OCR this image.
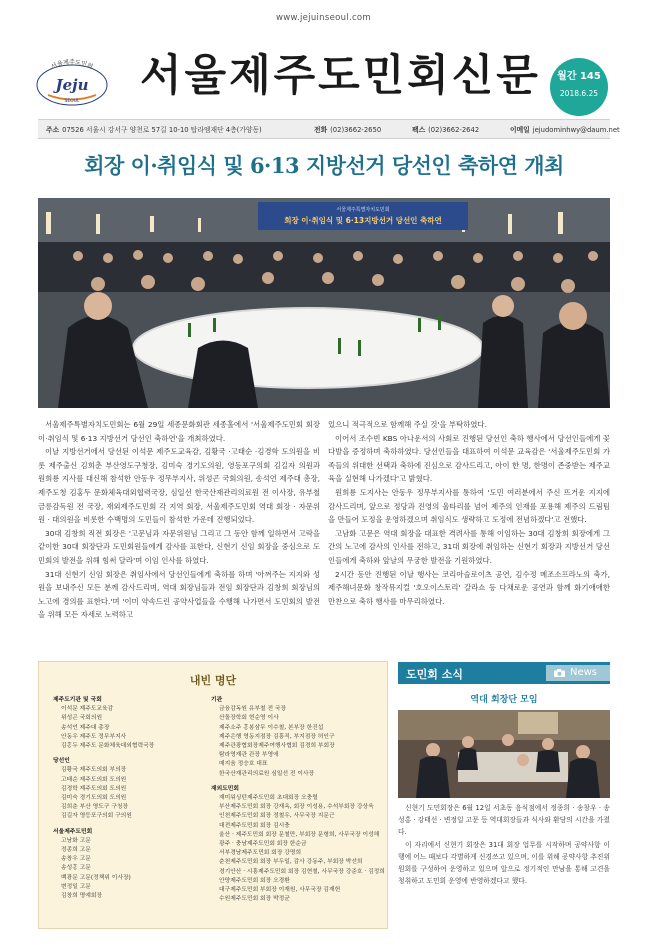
www.jejuinseoul.com
서울제주도민회
Jeju
SEOUL
서울제주도민회신문	월간 145
2018.6.25
주소 07526 서울시 강서구 양천로 57길 10-10 탑라엠재단 4층(가양동)	전화 (02)3662-2650	팩스 (02)3662-2642	이메일 jejudominhwy@daum.net
회장 이·취임식 및 6·13 지방선거 당선인 축하연 개최
서울제주특별자치도민회
회장 이·취임식 및 6·13지방선거 당선인 축하연

서울제주특별자치도민회는 6월 29일 세종문화회관 세종홀에서 '서울제주도민회 회장 이·취임식 및 6·13 지방선거 당선인 축하연'을 개최하였다.

이날 지방선거에서 당선된 이석문 제주도교육감, 김황국 ·고태순 ·김경학 도의원을 비롯 제주출신 김희춘 부산영도구청장, 김미숙 경기도의원, 영등포구의회 김길자 의원과 원희룡 지사를 대신해 참석한 안동우 정무부지사, 위성곤 국회의원, 송석언 제주대 총장, 제주도청 김홍두 문화체육대외협력국장, 심일선 한국산재관리의료원 전 이사장, 유부철 금릉감독원 전 국장, 재외제주도민회 각 지역 회장, 서울제주도민회 역대 회장 · 자문위원 · 대의원을 비롯한 수백명의 도민들이 참석한 가운데 진행되었다.

30대 김창희 직전 회장은 '고문님과 자문위원님 그리고 그 동안 함께 일하면서 고락을 같이한 30대 회장단과 도민회원들에게 감사를 표한다, 신현기 신임 회장을 중심으로 도민회의 발전을 위해 힘써 달라'며 이임 인사를 하였다.

31대 신현기 신임 회장은 취임사에서 당선인들에게 축하를 하며 '아껴주는 지지와 성원을 보내주신 모든 분께 감사드리며, 역대 회장님들과 전임 회장단과 김창희 회장님의 노고에 경의를 표한다.'며 '이미 약속드린 공약사업들을 수행해 나가면서 도민회의 발전을 위해 모든 자세로 노력하고

있으니 적극적으로 함께해 주실 것'을 부탁하였다.

이어서 조수빈 KBS 아나운서의 사회로 진행된 당선인 축하 행사에서 당선인들에게 꽃다발을 증정하며 축하하였다. 당선인들을 대표하여 이석문 교육감은 '서울제주도민회 가족들의 위대한 선택과 축하에 진심으로 감사드리고, 아이 한 명, 한명이 존중받는 제주교육을 실현해 나가겠다'고 밝혔다.

원희룡 도지사는 안동우 정무부지사를 통하여 '도민 여러분에서 주신 뜨거운 지지에 감사드리며, 앞으로 정당과 진영의 울타리를 넘어 제주의 인재를 포용해 제주의 드림팀을 만들어 도정을 운영하겠으며 취임식도 생략하고 도정에 전념하겠다'고 전했다.

고남화 고문은 역대 회장을 대표한 격려사를 통해 이임하는 30대 김창희 회장에게 그간의 노고에 감사의 인사를 전하고, 31대 회장에 취임하는 신현기 회장과 지방선거 당선인들에게 축하와 앞날의 무궁한 발전을 기원하였다.

2시간 동안 진행된 이날 행사는 코리아슬로이츠 공연, 김수정 메조소프라노의 축가, 제주해녀문화 창작뮤지컬 '호오이스토리' 갈라쇼 등 다채로운 공연과 함께 화기애애한 만찬으로 축하 행사를 마무리하였다.

내빈 명단
제주도기관 및 국회
이석문 제주도교육감
위성곤 국회의원
송석언 제주대 총장
안동우 제주도 정무부지사
김홍두 제주도 문화체육대외협력국장
당선인
김황국 제주도의회 부의장
고태순 제주도의회 도의원
김경학 제주도의회 도의원
김미숙 경기도의회 도의원
김희춘 부산 영도구 구청장
김길자 영등포구의회 구의원
서울제주도민회
고남화 고문
정종희 고문
송창우 고문
송성홍 고문
백광문 고문(정책위 이사장)
변정일 고문
김창희 명예회장
기관
금융감독원 유부철 전 국장
산돌장학회 현순영 이사
제주소주 홍봉삼무 이수철, 본부장 한진섭
제주은행 영동지점장 김흥직, 부지점장 허인구
제주관광협회장제주여행사협회 김경희 부회장
탐라영재관 관장 부영애
매지움 정승호 대표
한국산재관리의료원 심일선 전 이사장
재외도민회
재미워싱턴제주도민회 초대회장 오충렬
부산제주도민회 회장 강재옥, 회장 이성용, 수석부회장 강상욱
인천제주도민회 회장 정철우, 사무국장 지문근
대전제주도민회 회장 김시충
울산 · 제주도민회 회장 문철만, 부회장 문형희, 사무국장 이성해
광주 · 충남제주도민회 회장 한순금
서부경남제주도민회 회장 강명희
춘천제주도민회 회장 부두일, 감사 강동주, 부회장 박선희
경기안산 · 시흥제주도민회 회장 김현철, 사무국장 강준호 · 김정희
안양제주도민회 회장 오경환
대구제주도민회 부회장 이재원, 사무국장 김재헌
수원제주도민회 회장 박정균
도민회 소식	News
역대 회장단 모임

신현기 도민회장은 6월 12일 서초동 음식점에서 정종희 · 송창우 · 송성홍 · 강태선 · 변정일 고문 등 역대회장들과 식사와 환담의 시간을 가졌다.

이 자리에서 신현기 회장은 31대 회장 업무를 시작하며 공약사항 이행에 어느 때보다 각별하게 신경쓰고 있으며, 이를 위해 공약사항 추진위원회를 구성하여 운영하고 있으며 앞으로 정기적인 만남을 통해 고견을 청취하고 도민회 운영에 반영하겠다고 했다.
